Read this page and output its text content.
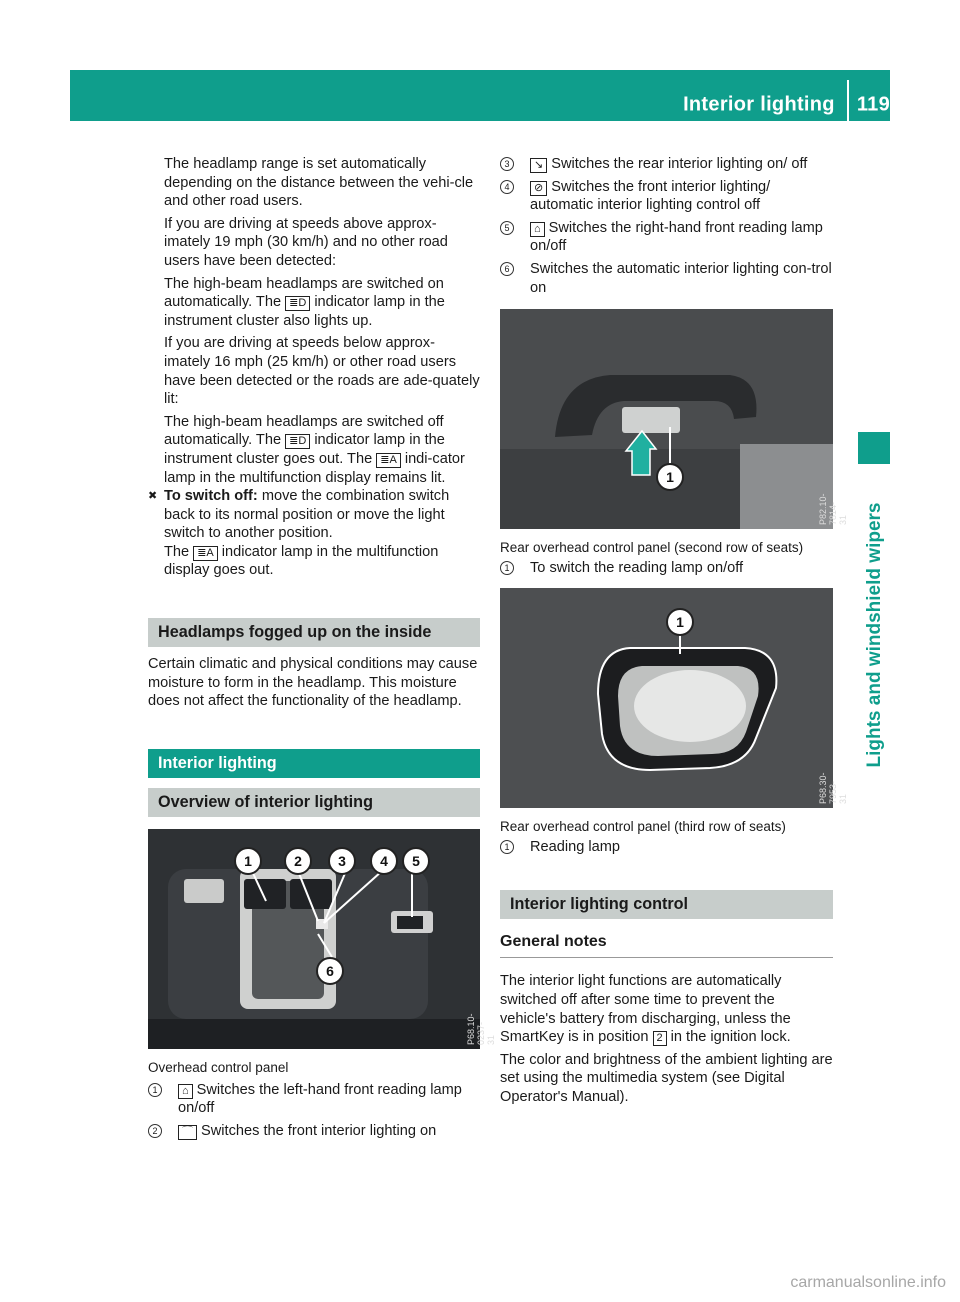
Interior lighting 119
Lights and windshield wipers

The headlamp range is set automatically depending on the distance between the vehi-cle and other road users.

If you are driving at speeds above approx-imately 19 mph (30 km/h) and no other road users have been detected:

The high-beam headlamps are switched on automatically. The ≣D indicator lamp in the instrument cluster also lights up.

If you are driving at speeds below approx-imately 16 mph (25 km/h) or other road users have been detected or the roads are ade-quately lit:

The high-beam headlamps are switched off automatically. The ≣D indicator lamp in the instrument cluster goes out. The ≣A indi-cator lamp in the multifunction display remains lit.

✖ To switch off: move the combination switch back to its normal position or move the light switch to another position.
The ≣A indicator lamp in the multifunction display goes out.

Headlamps fogged up on the inside

Certain climatic and physical conditions may cause moisture to form in the headlamp. This moisture does not affect the functionality of the headlamp.

Interior lighting

Overview of interior lighting

1	2	3	4	5
6
P68.10-0237-31

Overhead control panel

1	⌂ Switches the left-hand front reading lamp on/off
2	⌒ Switches the front interior lighting on
3	↘ Switches the rear interior lighting on/ off
4	⊘ Switches the front interior lighting/ automatic interior lighting control off
5	⌂ Switches the right-hand front reading lamp on/off
6	Switches the automatic interior lighting con-trol on
1
P82.10-7814-31

Rear overhead control panel (second row of seats)

1	To switch the reading lamp on/off
1
P68.30-7953-31

Rear overhead control panel (third row of seats)

1	Reading lamp

Interior lighting control

General notes

The interior light functions are automatically switched off after some time to prevent the vehicle's battery from discharging, unless the SmartKey is in position 2 in the ignition lock.

The color and brightness of the ambient lighting are set using the multimedia system (see Digital Operator's Manual).

carmanualsonline.info
